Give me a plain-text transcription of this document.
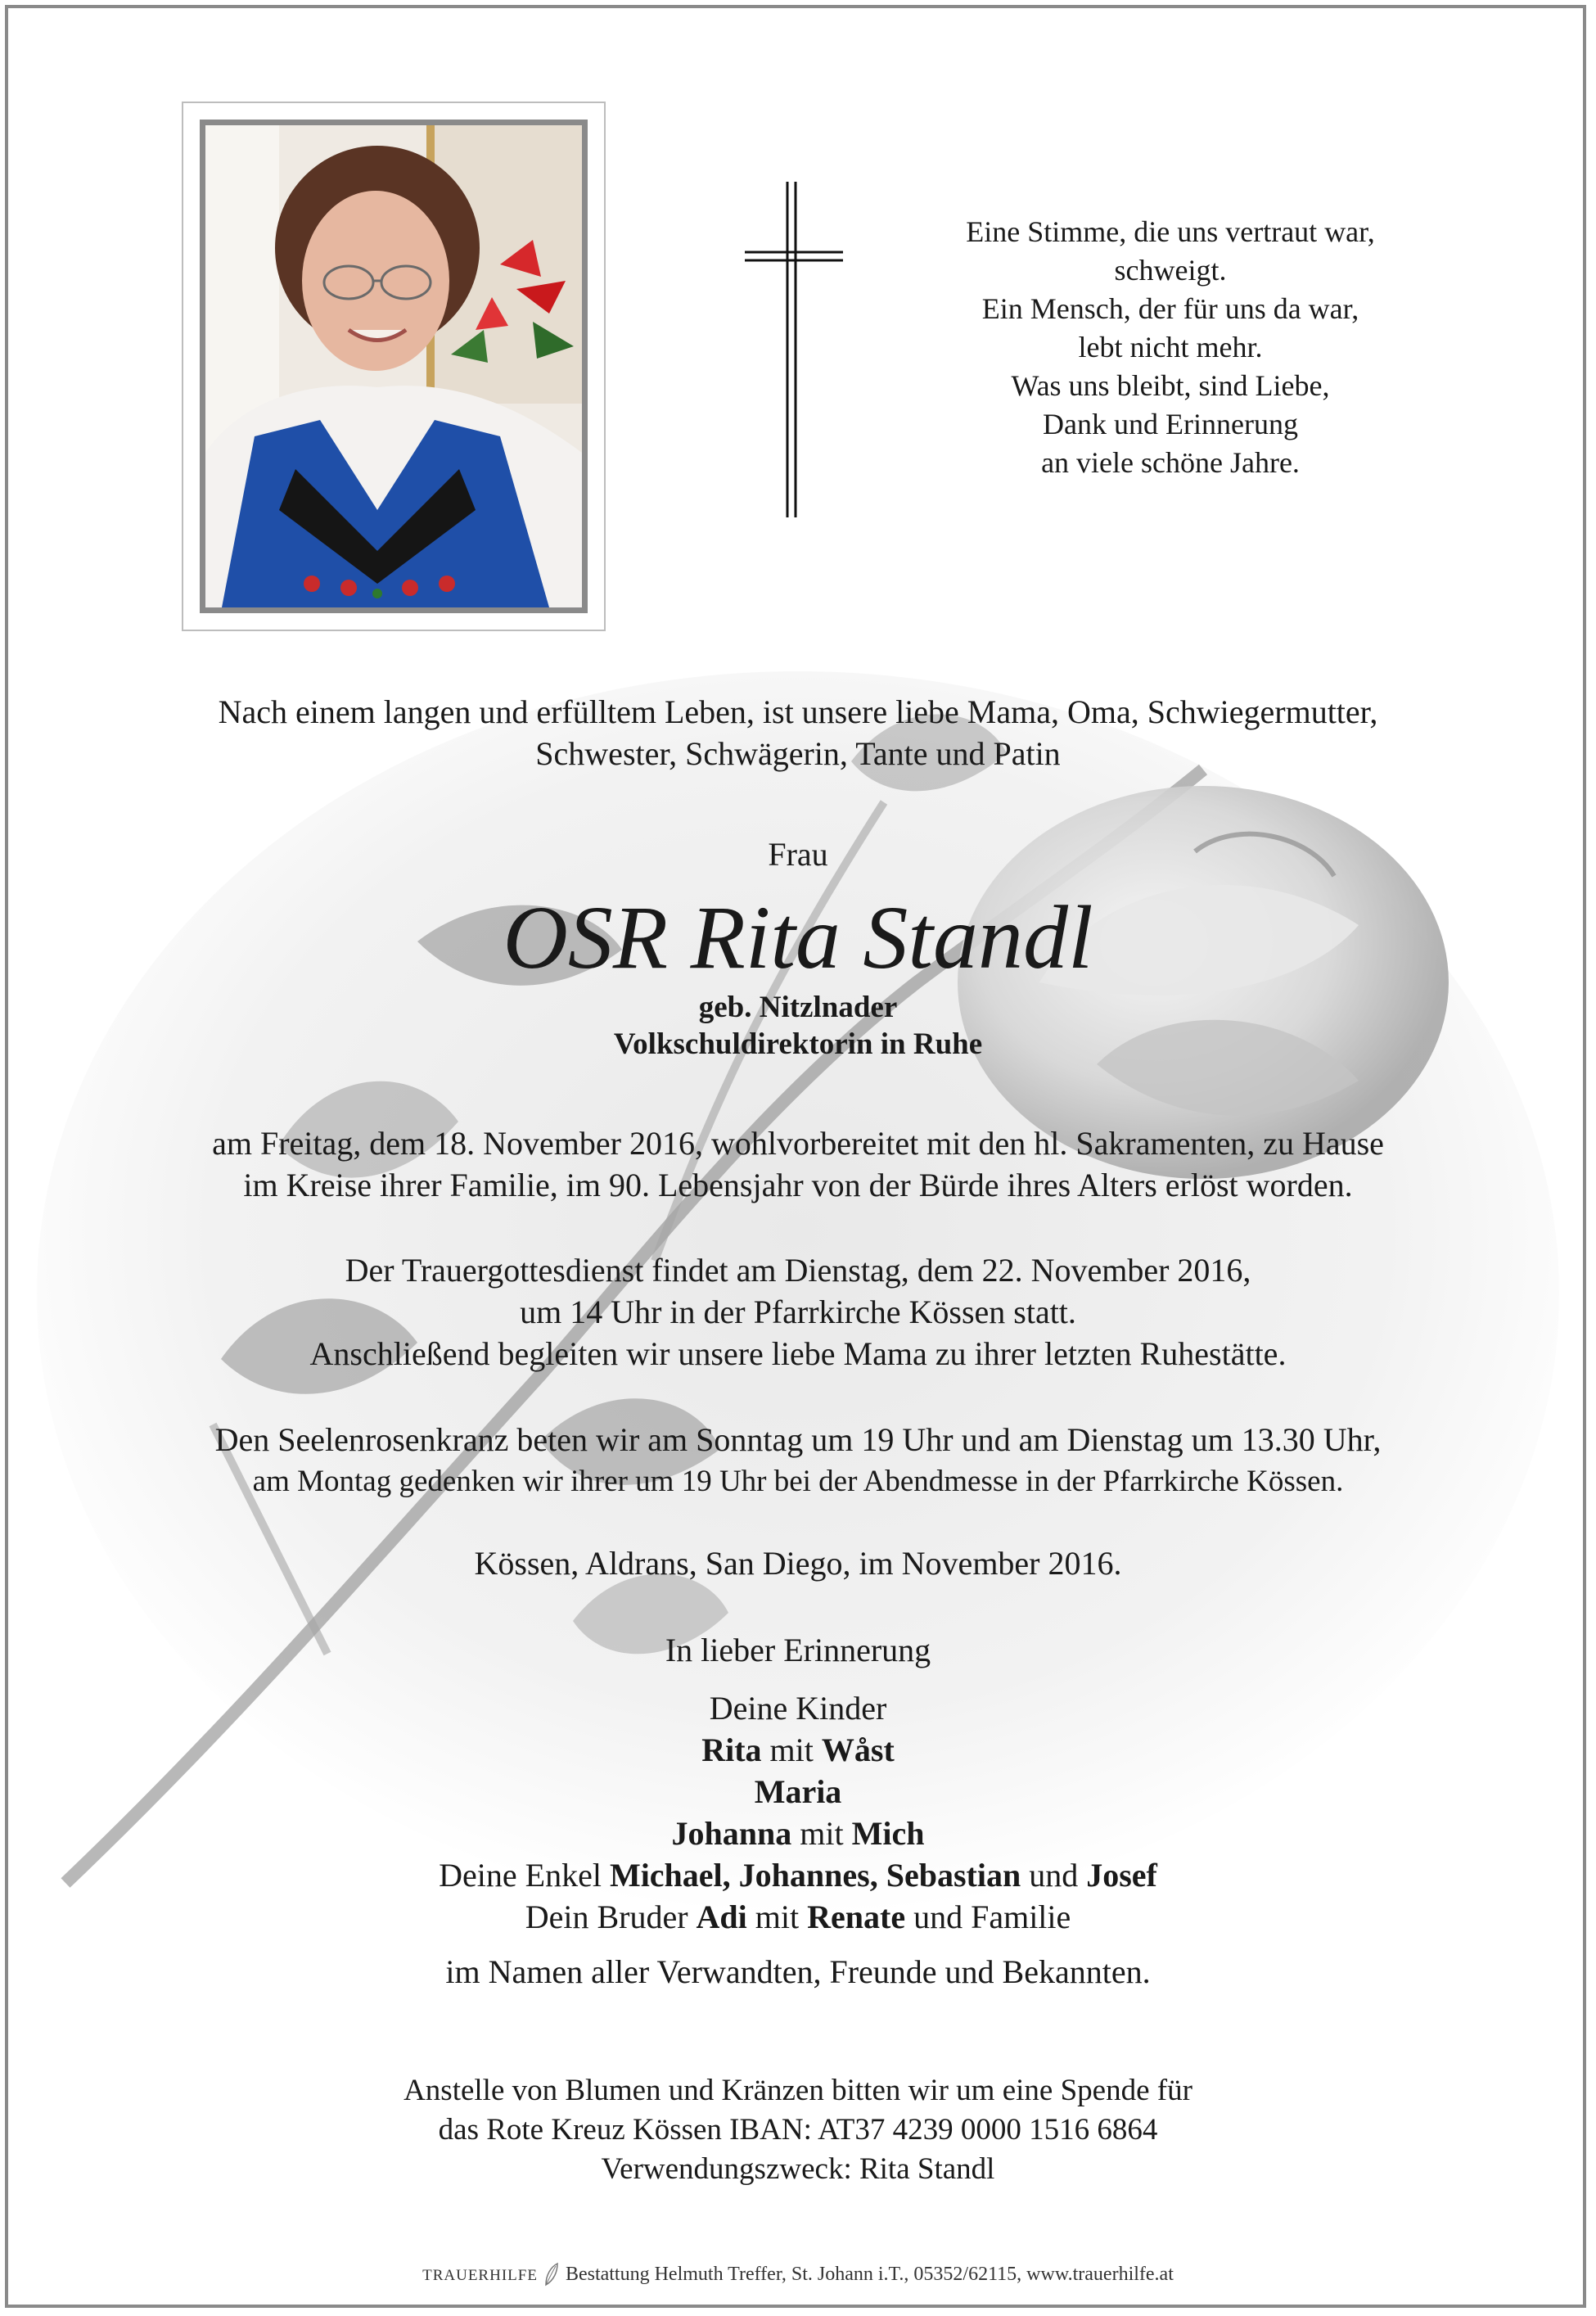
Eine Stimme, die uns vertraut war,
schweigt.
Ein Mensch, der für uns da war,
lebt nicht mehr.
Was uns bleibt, sind Liebe,
Dank und Erinnerung
an viele schöne Jahre.
Nach einem langen und erfülltem Leben, ist unsere liebe Mama, Oma, Schwiegermutter,
Schwester, Schwägerin, Tante und Patin
Frau
OSR Rita Standl
geb. Nitzlnader
Volkschuldirektorin in Ruhe
am Freitag, dem 18. November 2016, wohlvorbereitet mit den hl. Sakramenten, zu Hause
im Kreise ihrer Familie, im 90. Lebensjahr von der Bürde ihres Alters erlöst worden.
Der Trauergottesdienst findet am Dienstag, dem 22. November 2016,
um 14 Uhr in der Pfarrkirche Kössen statt.
Anschließend begleiten wir unsere liebe Mama zu ihrer letzten Ruhestätte.
Den Seelenrosenkranz beten wir am Sonntag um 19 Uhr und am Dienstag um 13.30 Uhr,
am Montag gedenken wir ihrer um 19 Uhr bei der Abendmesse in der Pfarrkirche Kössen.
Kössen, Aldrans, San Diego, im November 2016.
In lieber Erinnerung
Deine Kinder
Rita mit Wåst
Maria
Johanna mit Mich
Deine Enkel Michael, Johannes, Sebastian und Josef
Dein Bruder Adi mit Renate und Familie
im Namen aller Verwandten, Freunde und Bekannten.
Anstelle von Blumen und Kränzen bitten wir um eine Spende für
das Rote Kreuz Kössen IBAN: AT37 4239 0000 1516 6864
Verwendungszweck: Rita Standl
TRAUERHILFE Bestattung Helmuth Treffer, St. Johann i.T., 05352/62115, www.trauerhilfe.at
